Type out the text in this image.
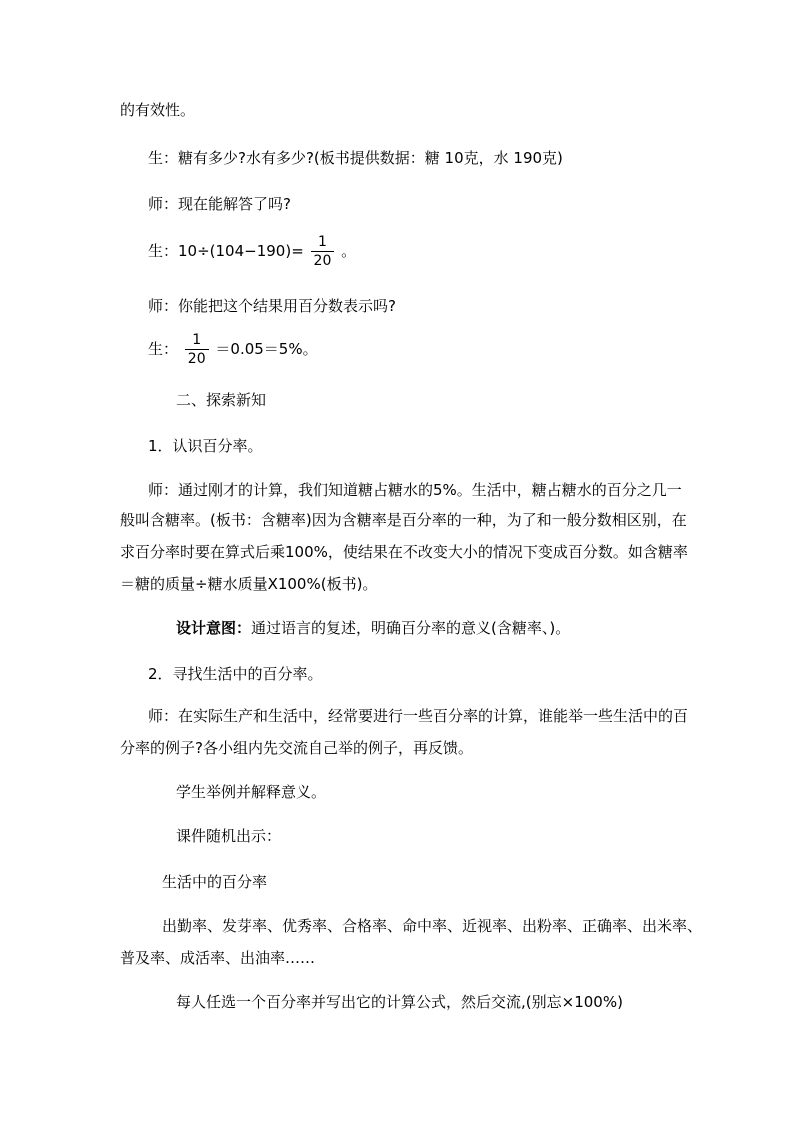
的有效性。
生：糖有多少?水有多少?(板书提供数据：糖 10克，水 190克)
师：现在能解答了吗?
生：$10\div(104-190)= \frac{1}{20}$ 。
师：你能把这个结果用百分数表示吗?
生： $\frac{1}{20} =0.05=5\%$。
二、探索新知
1．认识百分率。
师：通过刚才的计算，我们知道糖占糖水的5%。生活中，糖占糖水的百分之几一
般叫含糖率。(板书：含糖率)因为含糖率是百分率的一种，为了和一般分数相区别，在
求百分率时要在算式后乘100%，使结果在不改变大小的情况下变成百分数。如含糖率
＝糖的质量÷糖水质量X100%(板书)。
设计意图：通过语言的复述，明确百分率的意义(含糖率、)。
2．寻找生活中的百分率。
师：在实际生产和生活中，经常要进行一些百分率的计算，谁能举一些生活中的百
分率的例子?各小组内先交流自己举的例子，再反馈。
学生举例并解释意义。
课件随机出示：
生活中的百分率
出勤率、发芽率、优秀率、合格率、命中率、近视率、出粉率、正确率、出米率、
普及率、成活率、出油率……
每人任选一个百分率并写出它的计算公式，然后交流,(别忘×100%)
